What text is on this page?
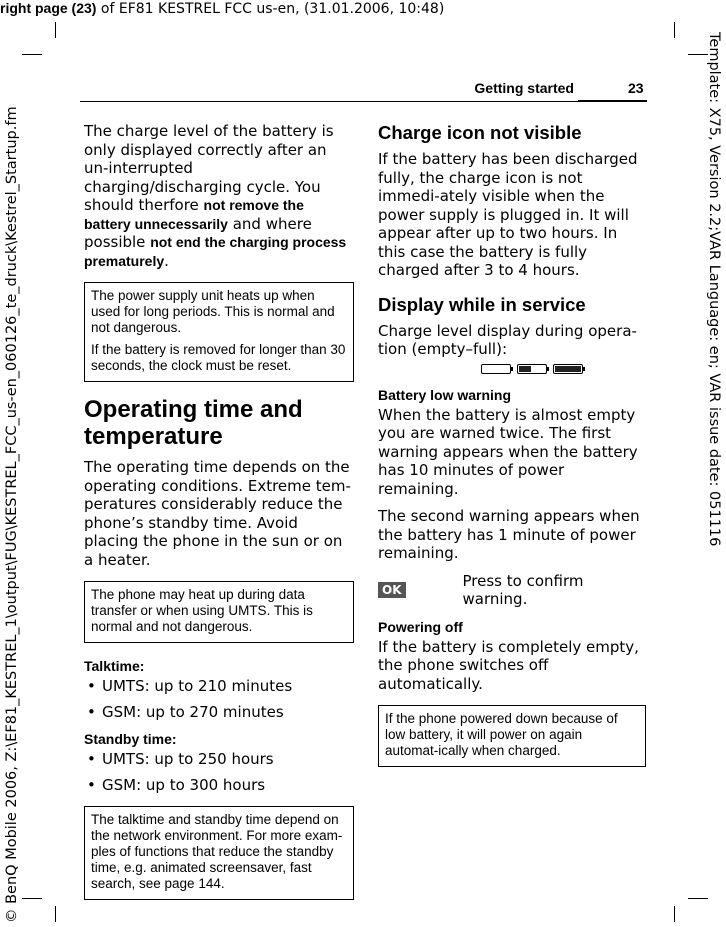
right page (23) of EF81 KESTREL FCC us-en, (31.01.2006, 10:48)
© BenQ Mobile 2006, Z:\EF81_KESTREL_1\output\FUG\KESTREL_FCC_us-en_060126_te_druck\Kestrel_Startup.fm	Template: X75, Version 2.2;VAR Language: en; VAR issue date: 051116
Getting started	23

The charge level of the battery is only displayed correctly after an un-interrupted charging/discharging cycle. You should therfore not remove the battery unnecessarily and where possible not end the charging process prematurely.

The power supply unit heats up when used for long periods. This is normal and not dangerous.

If the battery is removed for longer than 30 seconds, the clock must be reset.

Operating time and temperature

The operating time depends on the operating conditions. Extreme tem-peratures considerably reduce the phone’s standby time. Avoid placing the phone in the sun or on a heater.

The phone may heat up during data transfer or when using UMTS. This is normal and not dangerous.

Talktime:
• UMTS: up to 210 minutes
• GSM: up to 270 minutes
Standby time:
• UMTS: up to 250 hours
• GSM: up to 300 hours

The talktime and standby time depend on the network environment. For more exam-ples of functions that reduce the standby time, e.g. animated screensaver, fast search, see page 144.

Charge icon not visible

If the battery has been discharged fully, the charge icon is not immedi-ately visible when the power supply is plugged in. It will appear after up to two hours. In this case the battery is fully charged after 3 to 4 hours.

Display while in service

Charge level display during opera-tion (empty–full):

Battery low warning

When the battery is almost empty you are warned twice. The first warning appears when the battery has 10 minutes of power remaining.

The second warning appears when the battery has 1 minute of power remaining.

OK
Press to confirm warning.
Powering off

If the battery is completely empty, the phone switches off automatically.

If the phone powered down because of low battery, it will power on again automat-ically when charged.
